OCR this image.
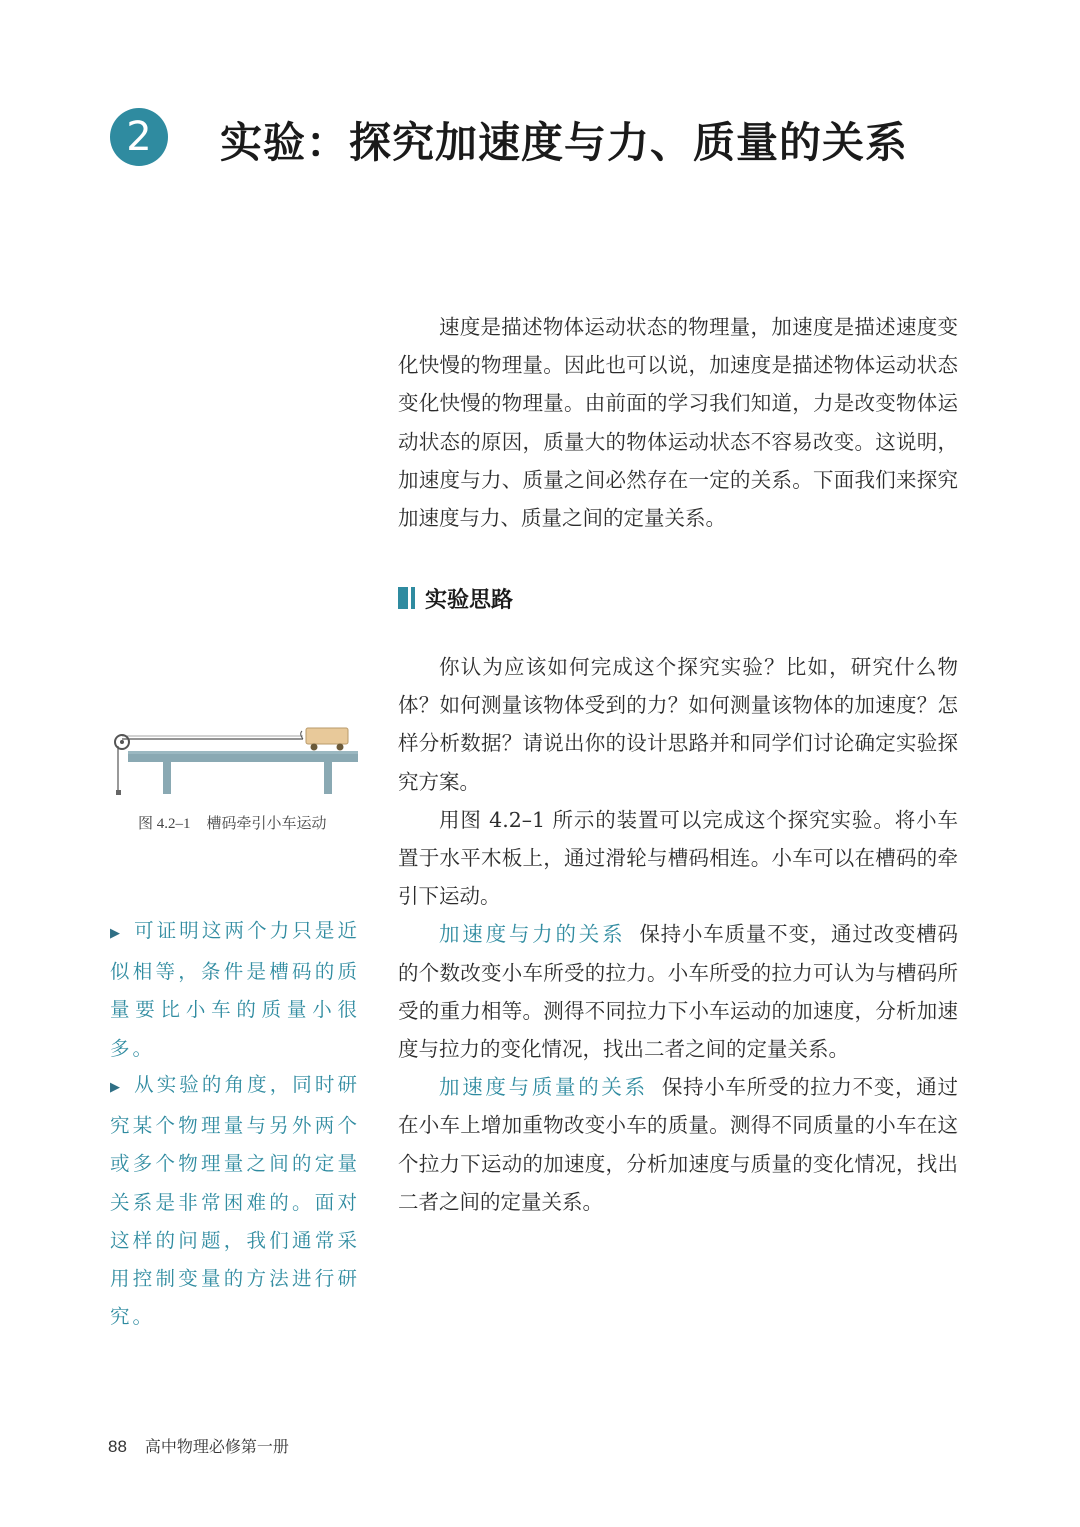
2	实验：探究加速度与力、质量的关系

速度是描述物体运动状态的物理量，加速度是描述速度变化快慢的物理量。因此也可以说，加速度是描述物体运动状态变化快慢的物理量。由前面的学习我们知道，力是改变物体运动状态的原因，质量大的物体运动状态不容易改变。这说明，加速度与力、质量之间必然存在一定的关系。下面我们来探究加速度与力、质量之间的定量关系。

实验思路

你认为应该如何完成这个探究实验？比如，研究什么物体？如何测量该物体受到的力？如何测量该物体的加速度？怎样分析数据？请说出你的设计思路并和同学们讨论确定实验探究方案。

用图 4.2–1 所示的装置可以完成这个探究实验。将小车置于水平木板上，通过滑轮与槽码相连。小车可以在槽码的牵引下运动。

加速度与力的关系 保持小车质量不变，通过改变槽码的个数改变小车所受的拉力。小车所受的拉力可认为与槽码所受的重力相等。测得不同拉力下小车运动的加速度，分析加速度与拉力的变化情况，找出二者之间的定量关系。

加速度与质量的关系 保持小车所受的拉力不变，通过在小车上增加重物改变小车的质量。测得不同质量的小车在这个拉力下运动的加速度，分析加速度与质量的变化情况，找出二者之间的定量关系。

图 4.2–1 槽码牵引小车运动
▶ 可证明这两个力只是近似相等，条件是槽码的质量要比小车的质量小很多。
▶ 从实验的角度，同时研究某个物理量与另外两个或多个物理量之间的定量关系是非常困难的。面对这样的问题，我们通常采用控制变量的方法进行研究。
88 高中物理必修第一册
